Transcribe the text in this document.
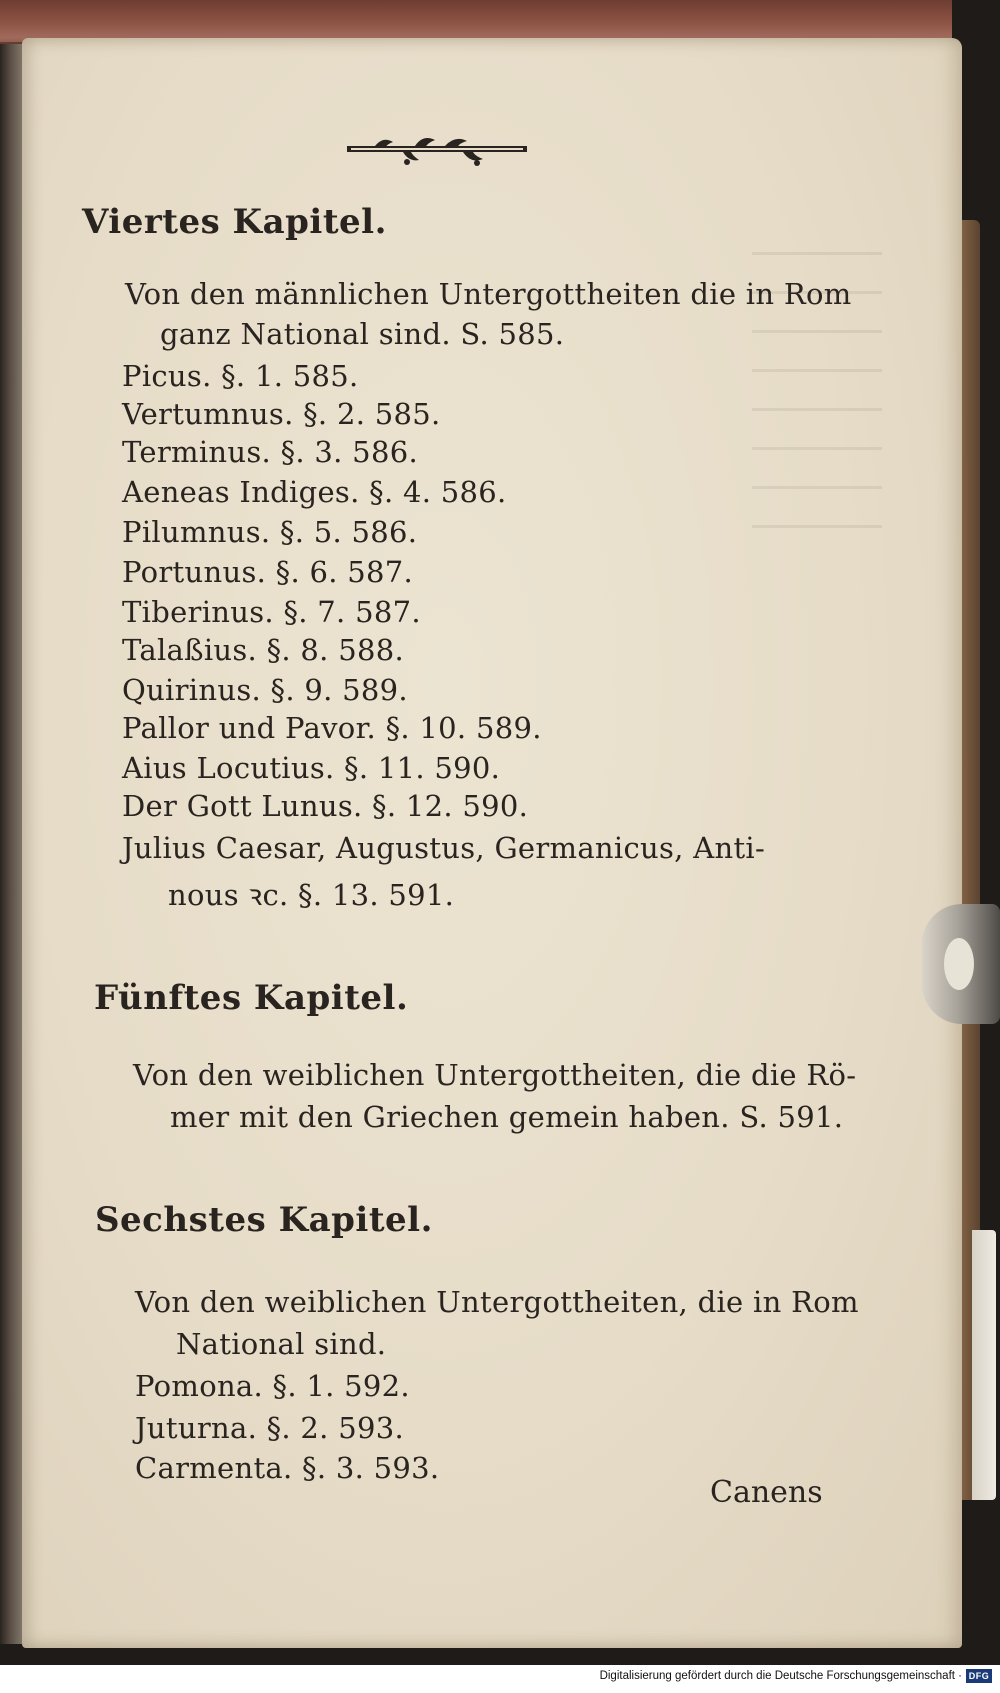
Viertes Kapitel.
Von den männlichen Untergottheiten die in Rom
ganz National sind. S. 585.
Picus. §. 1. 585.
Vertumnus. §. 2. 585.
Terminus. §. 3. 586.
Aeneas Indiges. §. 4. 586.
Pilumnus. §. 5. 586.
Portunus. §. 6. 587.
Tiberinus. §. 7. 587.
Talaßius. §. 8. 588.
Quirinus. §. 9. 589.
Pallor und Pavor. §. 10. 589.
Aius Locutius. §. 11. 590.
Der Gott Lunus. §. 12. 590.
Julius Caesar, Augustus, Germanicus, Anti-
nous ꝛc. §. 13. 591.
Fünftes Kapitel.
Von den weiblichen Untergottheiten, die die Rö-
mer mit den Griechen gemein haben. S. 591.
Sechstes Kapitel.
Von den weiblichen Untergottheiten, die in Rom
National sind.
Pomona. §. 1. 592.
Juturna. §. 2. 593.
Carmenta. §. 3. 593.
Canens
Digitalisierung gefördert durch die Deutsche Forschungsgemeinschaft · DFG
